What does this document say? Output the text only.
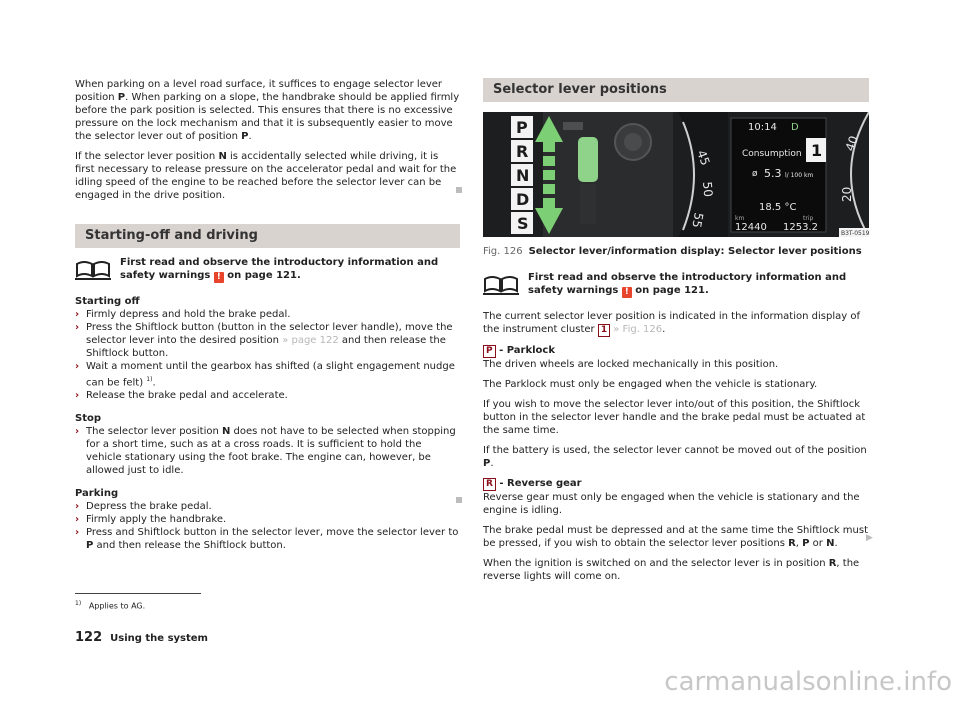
When parking on a level road surface, it suffices to engage selector lever position P. When parking on a slope, the handbrake should be applied firmly before the park position is selected. This ensures that there is no excessive pressure on the lock mechanism and that it is subsequently easier to move the selector lever out of position P.

If the selector lever position N is accidentally selected while driving, it is first necessary to release pressure on the accelerator pedal and wait for the idling speed of the engine to be reached before the selector lever can be engaged in the drive position.

Starting-off and driving
First read and observe the introductory information and safety warnings ! on page 121.
Starting off
› Firmly depress and hold the brake pedal.
› Press the Shiftlock button (button in the selector lever handle), move the selector lever into the desired position » page 122 and then release the Shiftlock button.
› Wait a moment until the gearbox has shifted (a slight engagement nudge can be felt) $^{1)}$.
› Release the brake pedal and accelerate.
Stop
› The selector lever position N does not have to be selected when stopping for a short time, such as at a cross roads. It is sufficient to hold the vehicle stationary using the foot brake. The engine can, however, be allowed just to idle.
Parking
› Depress the brake pedal.
› Firmly apply the handbrake.
› Press and Shiftlock button in the selector lever, move the selector lever to P and then release the Shiftlock button.
Selector lever positions
P
R
N
D
S
45
50
55
40
20
10:14 D
1
Consumption
ø 5.3 l/ 100 km
18.5 °C
km	trip
12440 1253.2
B3T-0519
Fig. 126 Selector lever/information display: Selector lever positions
First read and observe the introductory information and safety warnings ! on page 121.

The current selector lever position is indicated in the information display of the instrument cluster 1 » Fig. 126.

P - Parklock

The driven wheels are locked mechanically in this position.

The Parklock must only be engaged when the vehicle is stationary.

If you wish to move the selector lever into/out of this position, the Shiftlock button in the selector lever handle and the brake pedal must be actuated at the same time.

If the battery is used, the selector lever cannot be moved out of the position P.

R - Reverse gear

Reverse gear must only be engaged when the vehicle is stationary and the engine is idling.

The brake pedal must be depressed and at the same time the Shiftlock must be pressed, if you wish to obtain the selector lever positions R, P or N.

When the ignition is switched on and the selector lever is in position R, the reverse lights will come on.

▶
$^{1)}$ Applies to AG.
122 Using the system
carmanualsonline.info
